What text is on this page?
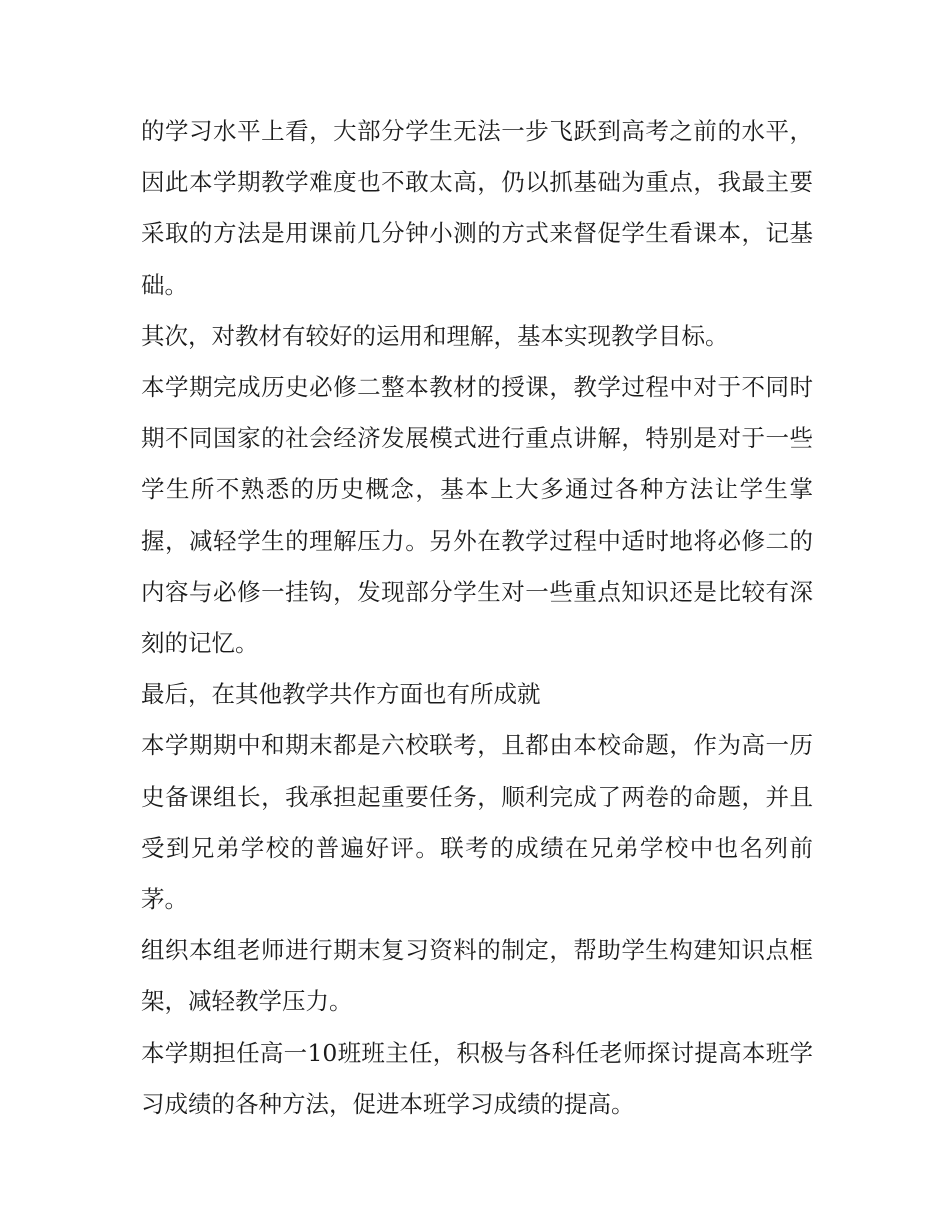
的学习水平上看，大部分学生无法一步飞跃到高考之前的水平，因此本学期教学难度也不敢太高，仍以抓基础为重点，我最主要采取的方法是用课前几分钟小测的方式来督促学生看课本，记基础。

其次，对教材有较好的运用和理解，基本实现教学目标。

本学期完成历史必修二整本教材的授课，教学过程中对于不同时期不同国家的社会经济发展模式进行重点讲解，特别是对于一些学生所不熟悉的历史概念，基本上大多通过各种方法让学生掌握，减轻学生的理解压力。另外在教学过程中适时地将必修二的内容与必修一挂钩，发现部分学生对一些重点知识还是比较有深刻的记忆。

最后，在其他教学共作方面也有所成就

本学期期中和期末都是六校联考，且都由本校命题，作为高一历史备课组长，我承担起重要任务，顺利完成了两卷的命题，并且受到兄弟学校的普遍好评。联考的成绩在兄弟学校中也名列前茅。

组织本组老师进行期末复习资料的制定，帮助学生构建知识点框架，减轻教学压力。

本学期担任高一10班班主任，积极与各科任老师探讨提高本班学习成绩的各种方法，促进本班学习成绩的提高。
